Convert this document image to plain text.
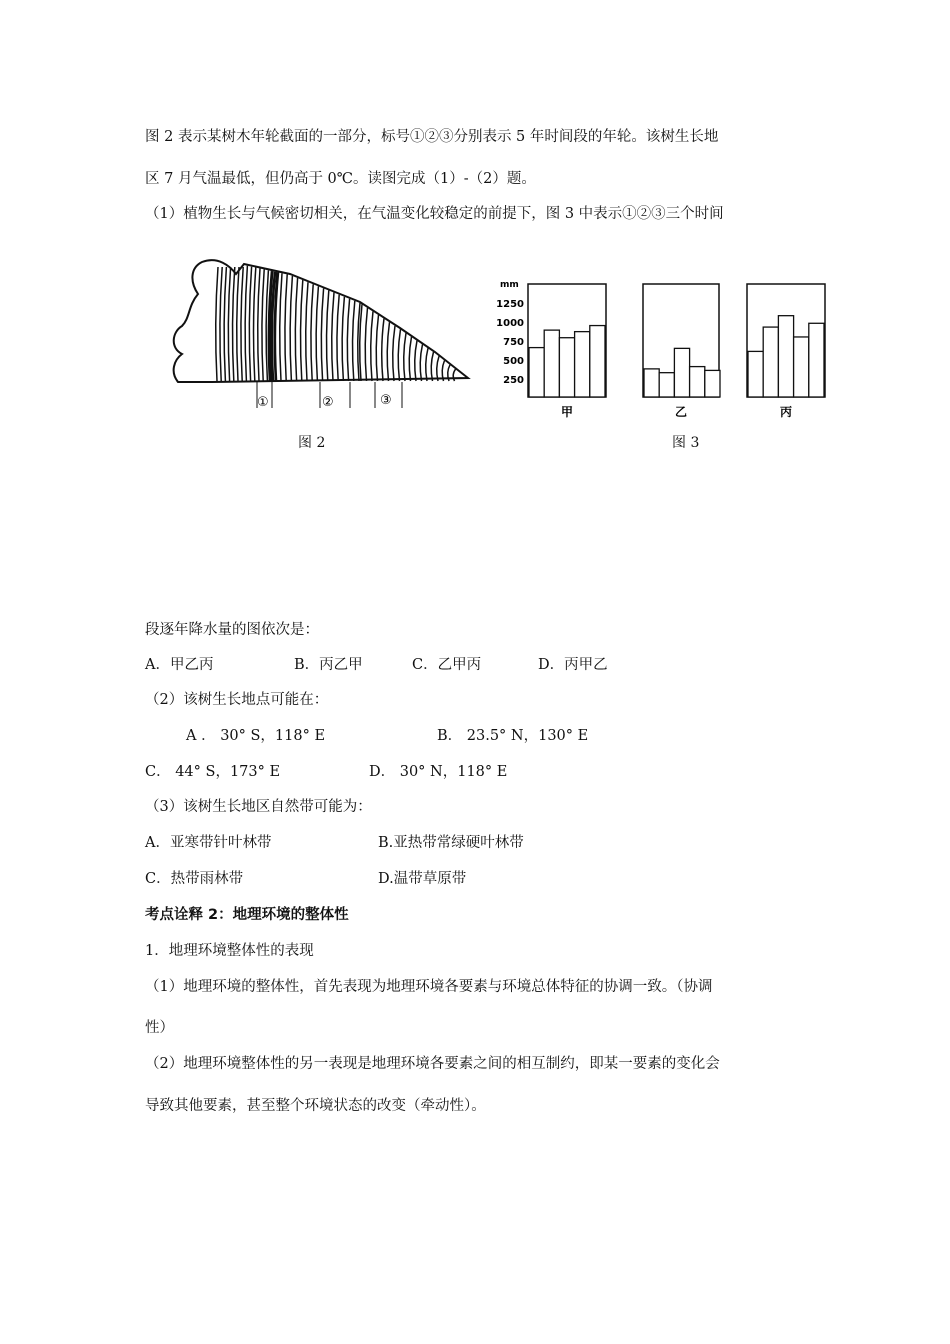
图 2 表示某树木年轮截面的一部分，标号①②③分别表示 5 年时间段的年轮。该树生长地
区 7 月气温最低，但仍高于 0℃。读图完成（1）-（2）题。
（1）植物生长与气候密切相关，在气温变化较稳定的前提下，图 3 中表示①②③三个时间
①	②	③
图 2
mm
1250
1000
750
500
250
甲	乙	丙
图 3
段逐年降水量的图依次是：
A．甲乙丙	B．丙乙甲	C．乙甲丙	D．丙甲乙
（2）该树生长地点可能在：
A ． 30° S，118° E	B． 23.5° N，130° E
C． 44° S，173° E	D． 30° N，118° E
（3）该树生长地区自然带可能为：
A．亚寒带针叶林带	B.亚热带常绿硬叶林带
C．热带雨林带	D.温带草原带
考点诠释 2：地理环境的整体性
1．地理环境整体性的表现
（1）地理环境的整体性，首先表现为地理环境各要素与环境总体特征的协调一致。（协调
性）
（2）地理环境整体性的另一表现是地理环境各要素之间的相互制约，即某一要素的变化会
导致其他要素，甚至整个环境状态的改变（牵动性）。
